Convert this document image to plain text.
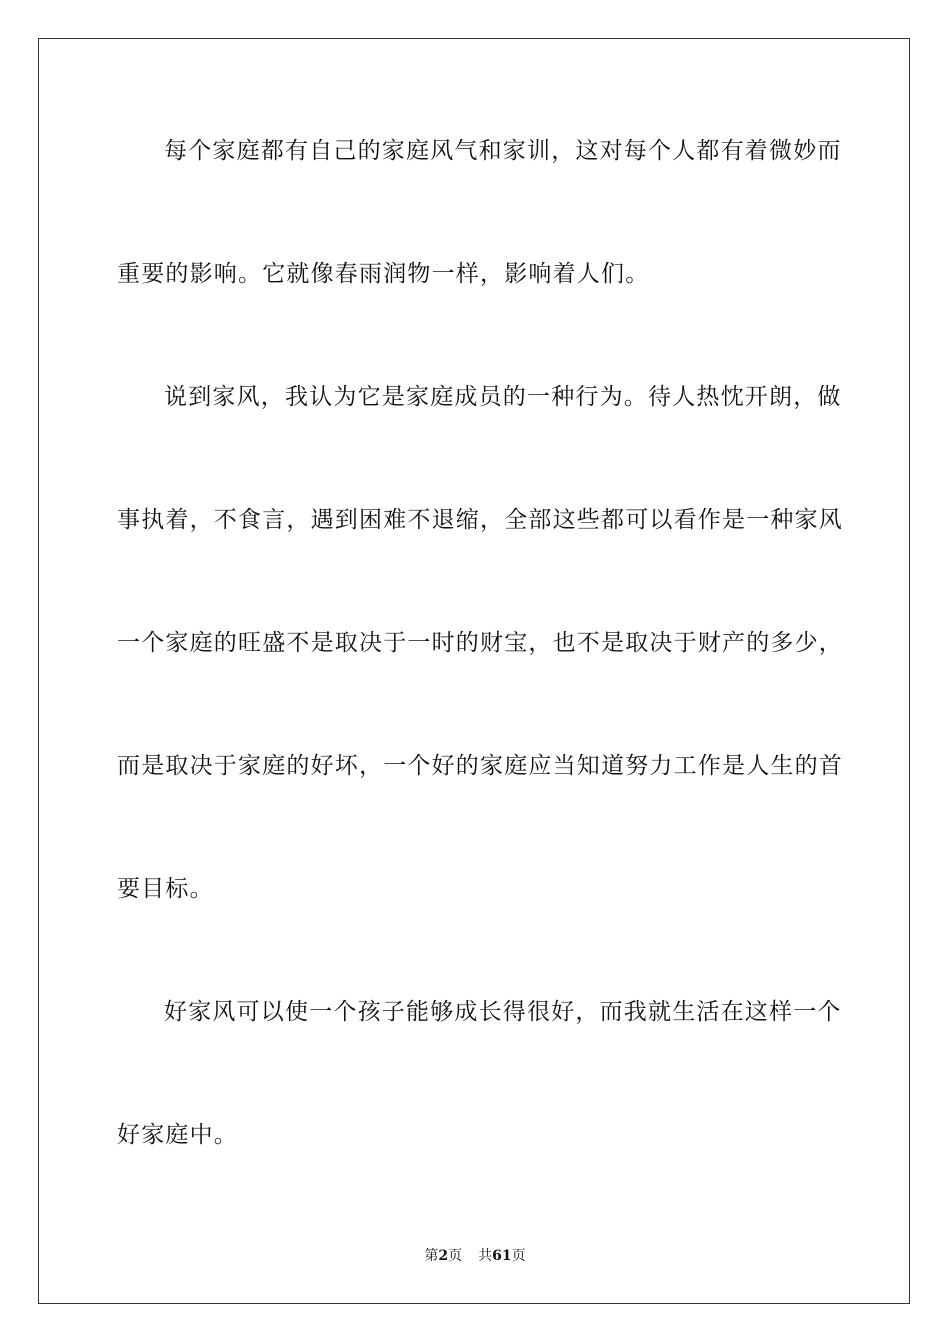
每个家庭都有自己的家庭风气和家训，这对每个人都有着微妙而
重要的影响。它就像春雨润物一样，影响着人们。
说到家风，我认为它是家庭成员的一种行为。待人热忱开朗，做
事执着，不食言，遇到困难不退缩，全部这些都可以看作是一种家风
一个家庭的旺盛不是取决于一时的财宝，也不是取决于财产的多少，
而是取决于家庭的好坏，一个好的家庭应当知道努力工作是人生的首
要目标。
好家风可以使一个孩子能够成长得很好，而我就生活在这样一个
好家庭中。
第2页 共61页
